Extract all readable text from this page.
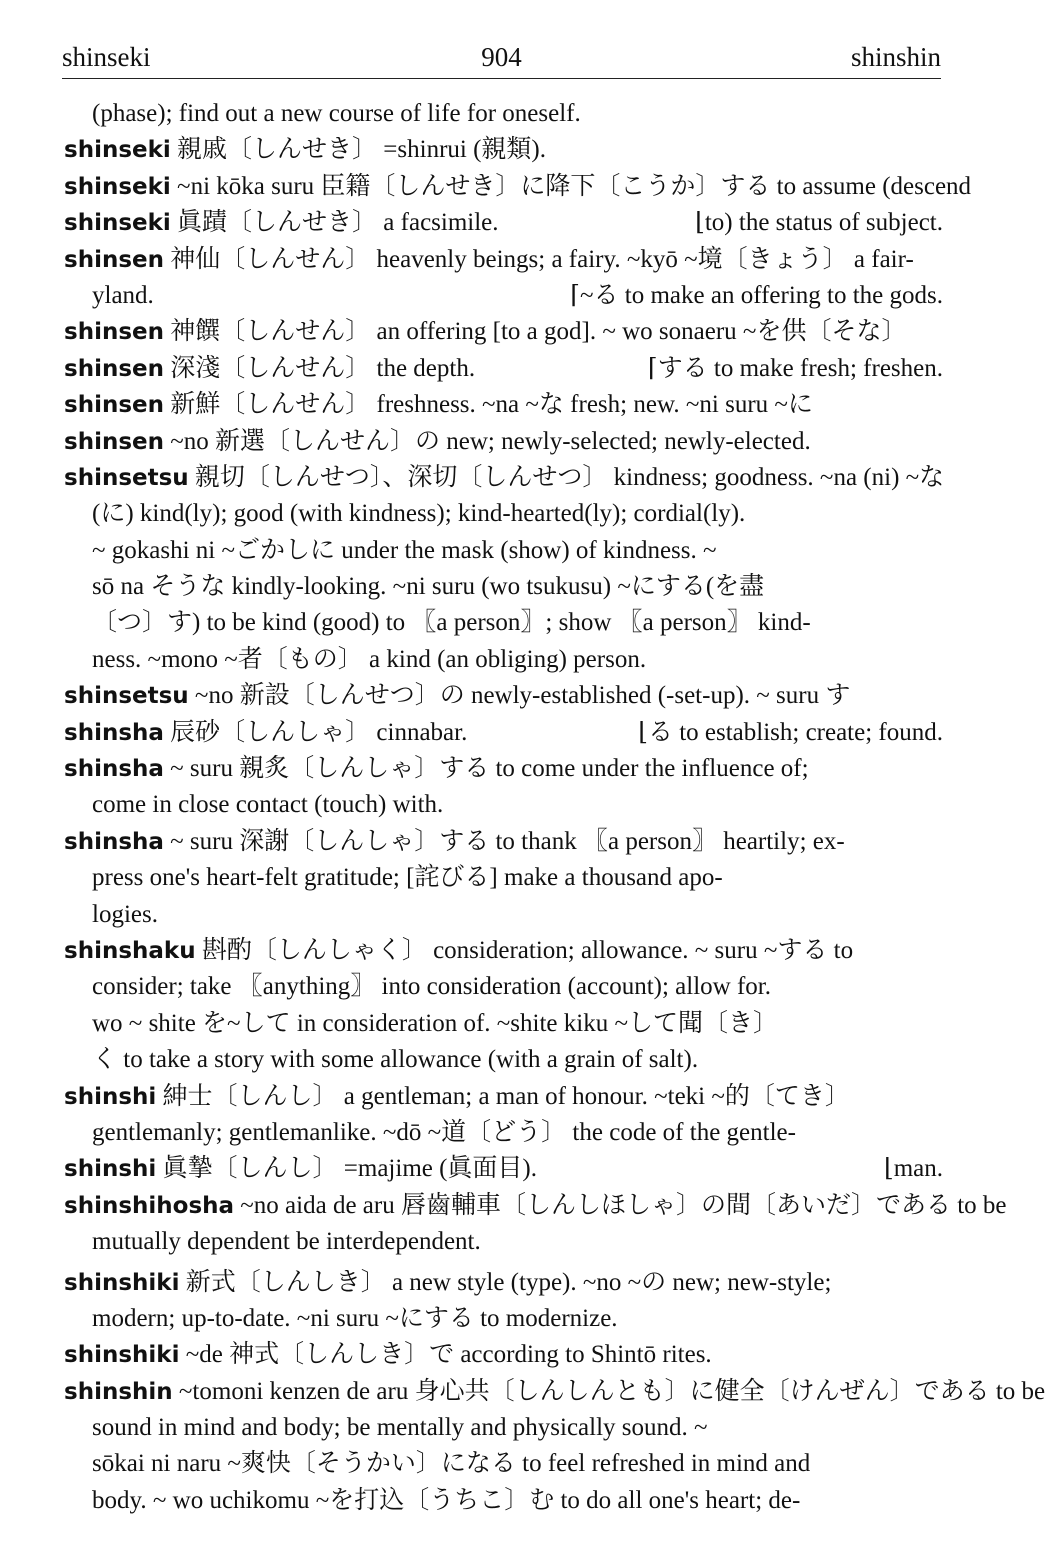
shinseki	904	shinshin
(phase); find out a new course of life for oneself.
shinseki 親戚〔しんせき〕 =shinrui (親類).
shinseki ~ni kōka suru 臣籍〔しんせき〕に降下〔こうか〕する to assume (descend
shinseki 眞蹟〔しんせき〕 a facsimile.	⌊to) the status of subject.
shinsen 神仙〔しんせん〕 heavenly beings; a fairy. ~kyō ~境〔きょう〕 a fair-
yland.	⌈~る to make an offering to the gods.
shinsen 神饌〔しんせん〕 an offering [to a god]. ~ wo sonaeru ~を供〔そな〕
shinsen 深淺〔しんせん〕 the depth.	⌈する to make fresh; freshen.
shinsen 新鮮〔しんせん〕 freshness. ~na ~な fresh; new. ~ni suru ~に
shinsen ~no 新選〔しんせん〕の new; newly-selected; newly-elected.
shinsetsu 親切〔しんせつ〕、深切〔しんせつ〕 kindness; goodness. ~na (ni) ~な
(に) kind(ly); good (with kindness); kind-hearted(ly); cordial(ly).
~ gokashi ni ~ごかしに under the mask (show) of kindness. ~
sō na そうな kindly-looking. ~ni suru (wo tsukusu) ~にする(を盡
〔つ〕す) to be kind (good) to 〖a person〗; show 〖a person〗 kind-
ness. ~mono ~者〔もの〕 a kind (an obliging) person.
shinsetsu ~no 新設〔しんせつ〕の newly-established (-set-up). ~ suru す
shinsha 辰砂〔しんしゃ〕 cinnabar.	⌊る to establish; create; found.
shinsha ~ suru 親炙〔しんしゃ〕する to come under the influence of;
come in close contact (touch) with.
shinsha ~ suru 深謝〔しんしゃ〕する to thank 〖a person〗 heartily; ex-
press one's heart-felt gratitude; [詫びる] make a thousand apo-
logies.
shinshaku 斟酌〔しんしゃく〕 consideration; allowance. ~ suru ~する to
consider; take 〖anything〗 into consideration (account); allow for.
wo ~ shite を~して in consideration of. ~shite kiku ~して聞〔き〕
く to take a story with some allowance (with a grain of salt).
shinshi 紳士〔しんし〕 a gentleman; a man of honour. ~teki ~的〔てき〕
gentlemanly; gentlemanlike. ~dō ~道〔どう〕 the code of the gentle-
shinshi 眞摯〔しんし〕 =majime (眞面目).	⌊man.
shinshihosha ~no aida de aru 唇齒輔車〔しんしほしゃ〕の間〔あいだ〕である to be
mutually dependent be interdependent.
shinshiki 新式〔しんしき〕 a new style (type). ~no ~の new; new-style;
modern; up-to-date. ~ni suru ~にする to modernize.
shinshiki ~de 神式〔しんしき〕で according to Shintō rites.
shinshin ~tomoni kenzen de aru 身心共〔しんしんとも〕に健全〔けんぜん〕である to be
sound in mind and body; be mentally and physically sound. ~
sōkai ni naru ~爽快〔そうかい〕になる to feel refreshed in mind and
body. ~ wo uchikomu ~を打込〔うちこ〕む to do all one's heart; de-
